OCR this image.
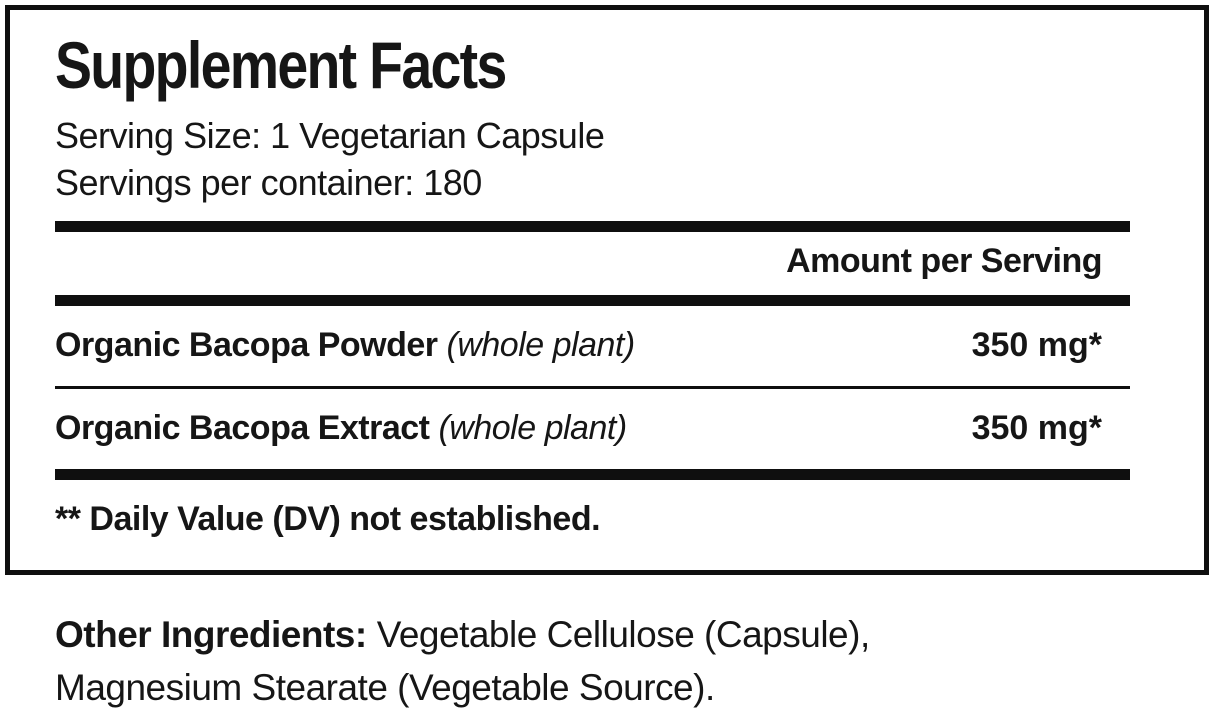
Supplement Facts
Serving Size: 1 Vegetarian Capsule
Servings per container: 180
Amount per Serving
Organic Bacopa Powder (whole plant)	350 mg*
Organic Bacopa Extract (whole plant)	350 mg*
** Daily Value (DV) not established.

Other Ingredients: Vegetable Cellulose (Capsule), Magnesium Stearate (Vegetable Source).
